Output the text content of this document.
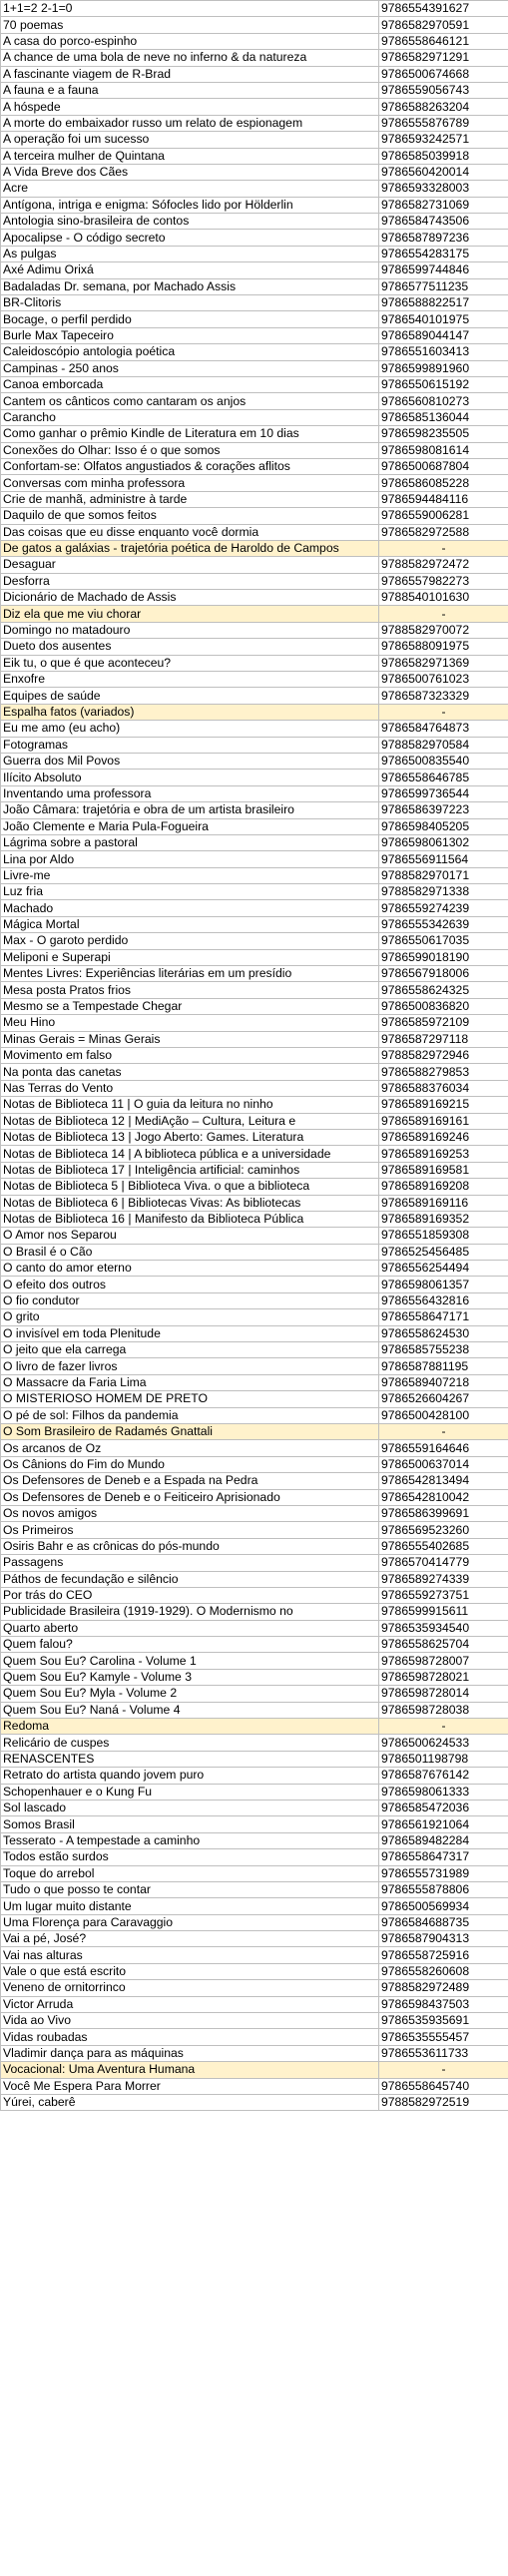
1+1=2 2-1=0	9786554391627
70 poemas	9786582970591
A casa do porco-espinho	9786558646121
A chance de uma bola de neve no inferno & da natureza	9786582971291
A fascinante viagem de R-Brad	9786500674668
A fauna e a fauna	9786559056743
A hóspede	9786588263204
A morte do embaixador russo um relato de espionagem	9786555876789
A operação foi um sucesso	9786593242571
A terceira mulher de Quintana	9786585039918
A Vida Breve dos Cães	9786560420014
Acre	9786593328003
Antígona, intriga e enigma: Sófocles lido por Hölderlin	9786582731069
Antologia sino-brasileira de contos	9786584743506
Apocalipse - O código secreto	9786587897236
As pulgas	9786554283175
Axé Adimu Orixá	9786599744846
Badaladas Dr. semana, por Machado Assis	9786577511235
BR-Clitoris	9786588822517
Bocage, o perfil perdido	9786540101975
Burle Max Tapeceiro	9786589044147
Caleidoscópio antologia poética	9786551603413
Campinas - 250 anos	9786599891960
Canoa emborcada	9786550615192
Cantem os cânticos como cantaram os anjos	9786560810273
Caranchо	9786585136044
Como ganhar o prêmio Kindle de Literatura em 10 dias	9786598235505
Conexões do Olhar: Isso é o que somos	9786598081614
Confortam-se: Olfatos angustiados & corações aflitos	9786500687804
Conversas com minha professora	9786586085228
Crie de manhã, administre à tarde	9786594484116
Daquilo de que somos feitos	9786559006281
Das coisas que eu disse enquanto você dormia	9786582972588
De gatos a galáxias - trajetória poética de Haroldo de Campos	-
Desaguar	9788582972472
Desforra	9786557982273
Dicionário de Machado de Assis	9788540101630
Diz ela que me viu chorar	-
Domingo no matadouro	9788582970072
Dueto dos ausentes	9786588091975
Eik tu, o que é que aconteceu?	9786582971369
Enxofre	9786500761023
Equipes de saúde	9786587323329
Espalha fatos (variados)	-
Eu me amo (eu acho)	9786584764873
Fotogramas	9788582970584
Guerra dos Mil Povos	9786500835540
Ilícito Absoluto	9786558646785
Inventando uma professora	9786599736544
João Câmara: trajetória e obra de um artista brasileiro	9786586397223
João Clemente e Maria Pula-Fogueira	9786598405205
Lágrima sobre a pastoral	9786598061302
Lina por Aldo	9786556911564
Livre-me	9788582970171
Luz fria	9788582971338
Machado	9786559274239
Mágica Mortal	9786555342639
Max - O garoto perdido	9786550617035
Meliponi e Superapi	9786599018190
Mentes Livres: Experiências literárias em um presídio	9786567918006
Mesa posta Pratos frios	9786558624325
Mesmo se a Tempestade Chegar	9786500836820
Meu Hino	9786585972109
Minas Gerais = Minas Gerais	9786587297118
Movimento em falso	9788582972946
Na ponta das canetas	9786588279853
Nas Terras do Vento	9786588376034
Notas de Biblioteca 11 | O guia da leitura no ninho	9786589169215
Notas de Biblioteca 12 | MediAção – Cultura, Leitura e	9786589169161
Notas de Biblioteca 13 | Jogo Aberto: Games. Literatura	9786589169246
Notas de Biblioteca 14 | A biblioteca pública e a universidade	9786589169253
Notas de Biblioteca 17 | Inteligência artificial: caminhos	9786589169581
Notas de Biblioteca 5 | Biblioteca Viva. o que a biblioteca	9786589169208
Notas de Biblioteca 6 | Bibliotecas Vivas: As bibliotecas	9786589169116
Notas de Biblioteca 16 | Manifesto da Biblioteca Pública	9786589169352
O Amor nos Separou	9786551859308
O Brasil é o Cão	9786525456485
O canto do amor eterno	9786556254494
O efeito dos outros	9786598061357
O fio condutor	9786556432816
O grito	9786558647171
O invisível em toda Plenitude	9786558624530
O jeito que ela carrega	9786585755238
O livro de fazer livros	9786587881195
O Massacre da Faria Lima	9786589407218
O MISTERIOSO HOMEM DE PRETO	9786526604267
O pé de sol: Filhos da pandemia	9786500428100
O Som Brasileiro de Radamés Gnattali	-
Os arcanos de Oz	9786559164646
Os Cânions do Fim do Mundo	9786500637014
Os Defensores de Deneb e a Espada na Pedra	9786542813494
Os Defensores de Deneb e o Feiticeiro Aprisionado	9786542810042
Os novos amigos	9786586399691
Os Primeiros	9786569523260
Osiris Bahr e as crônicas do pós-mundo	9786555402685
Passagens	9786570414779
Páthos de fecundação e silêncio	9786589274339
Por trás do CEO	9786559273751
Publicidade Brasileira (1919-1929). O Modernismo no	9786599915611
Quarto aberto	9786535934540
Quem falou?	9786558625704
Quem Sou Eu? Carolina - Volume 1	9786598728007
Quem Sou Eu? Kamyle - Volume 3	9786598728021
Quem Sou Eu? Myla - Volume 2	9786598728014
Quem Sou Eu? Naná - Volume 4	9786598728038
Redoma	-
Relicário de cuspes	9786500624533
RENASCENTES	9786501198798
Retrato do artista quando jovem puro	9786587676142
Schopenhauer e o Kung Fu	9786598061333
Sol lascado	9786585472036
Somos Brasil	9786561921064
Tesserato - A tempestade a caminho	9786589482284
Todos estão surdos	9786558647317
Toque do arrebol	9786555731989
Tudo o que posso te contar	9786555878806
Um lugar muito distante	9786500569934
Uma Florença para Caravaggio	9786584688735
Vai a pé, José?	9786587904313
Vai nas alturas	9786558725916
Vale o que está escrito	9786558260608
Veneno de ornitorrinco	9788582972489
Victor Arruda	9786598437503
Vida ao Vivo	9786535935691
Vidas roubadas	9786535555457
Vladimir dança para as máquinas	9786553611733
Vocacional: Uma Aventura Humana	-
Você Me Espera Para Morrer	9786558645740
Yúrei, caberê	9788582972519
